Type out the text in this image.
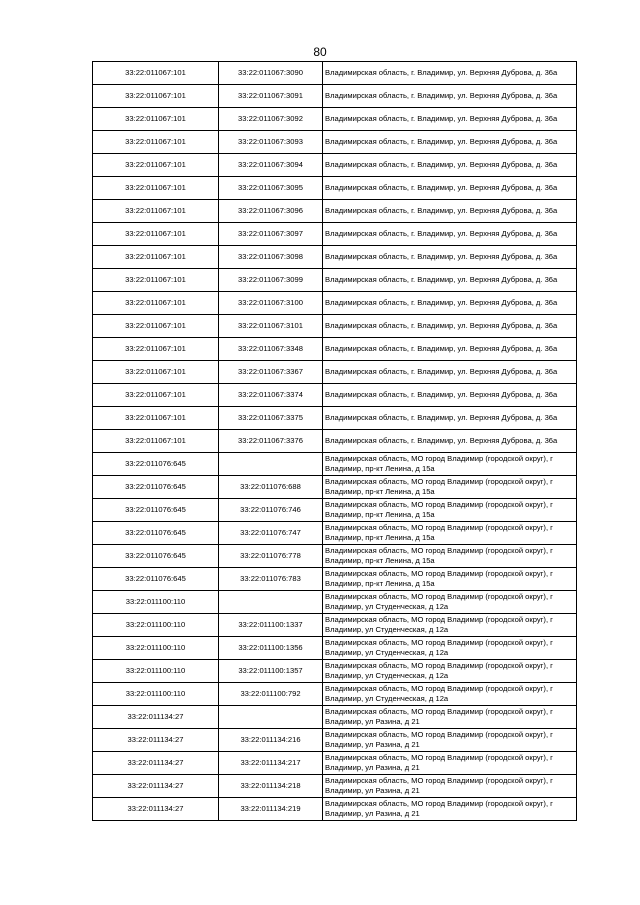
80
33:22:011067:101	33:22:011067:3090	Владимирская область, г. Владимир, ул. Верхняя Дуброва, д. 36а
33:22:011067:101	33:22:011067:3091	Владимирская область, г. Владимир, ул. Верхняя Дуброва, д. 36а
33:22:011067:101	33:22:011067:3092	Владимирская область, г. Владимир, ул. Верхняя Дуброва, д. 36а
33:22:011067:101	33:22:011067:3093	Владимирская область, г. Владимир, ул. Верхняя Дуброва, д. 36а
33:22:011067:101	33:22:011067:3094	Владимирская область, г. Владимир, ул. Верхняя Дуброва, д. 36а
33:22:011067:101	33:22:011067:3095	Владимирская область, г. Владимир, ул. Верхняя Дуброва, д. 36а
33:22:011067:101	33:22:011067:3096	Владимирская область, г. Владимир, ул. Верхняя Дуброва, д. 36а
33:22:011067:101	33:22:011067:3097	Владимирская область, г. Владимир, ул. Верхняя Дуброва, д. 36а
33:22:011067:101	33:22:011067:3098	Владимирская область, г. Владимир, ул. Верхняя Дуброва, д. 36а
33:22:011067:101	33:22:011067:3099	Владимирская область, г. Владимир, ул. Верхняя Дуброва, д. 36а
33:22:011067:101	33:22:011067:3100	Владимирская область, г. Владимир, ул. Верхняя Дуброва, д. 36а
33:22:011067:101	33:22:011067:3101	Владимирская область, г. Владимир, ул. Верхняя Дуброва, д. 36а
33:22:011067:101	33:22:011067:3348	Владимирская область, г. Владимир, ул. Верхняя Дуброва, д. 36а
33:22:011067:101	33:22:011067:3367	Владимирская область, г. Владимир, ул. Верхняя Дуброва, д. 36а
33:22:011067:101	33:22:011067:3374	Владимирская область, г. Владимир, ул. Верхняя Дуброва, д. 36а
33:22:011067:101	33:22:011067:3375	Владимирская область, г. Владимир, ул. Верхняя Дуброва, д. 36а
33:22:011067:101	33:22:011067:3376	Владимирская область, г. Владимир, ул. Верхняя Дуброва, д. 36а
33:22:011076:645		Владимирская область, МО город Владимир (городской округ), г Владимир, пр-кт Ленина, д 15а
33:22:011076:645	33:22:011076:688	Владимирская область, МО город Владимир (городской округ), г Владимир, пр-кт Ленина, д 15а
33:22:011076:645	33:22:011076:746	Владимирская область, МО город Владимир (городской округ), г Владимир, пр-кт Ленина, д 15а
33:22:011076:645	33:22:011076:747	Владимирская область, МО город Владимир (городской округ), г Владимир, пр-кт Ленина, д 15а
33:22:011076:645	33:22:011076:778	Владимирская область, МО город Владимир (городской округ), г Владимир, пр-кт Ленина, д 15а
33:22:011076:645	33:22:011076:783	Владимирская область, МО город Владимир (городской округ), г Владимир, пр-кт Ленина, д 15а
33:22:011100:110		Владимирская область, МО город Владимир (городской округ), г Владимир, ул Студенческая, д 12а
33:22:011100:110	33:22:011100:1337	Владимирская область, МО город Владимир (городской округ), г Владимир, ул Студенческая, д 12а
33:22:011100:110	33:22:011100:1356	Владимирская область, МО город Владимир (городской округ), г Владимир, ул Студенческая, д 12а
33:22:011100:110	33:22:011100:1357	Владимирская область, МО город Владимир (городской округ), г Владимир, ул Студенческая, д 12а
33:22:011100:110	33:22:011100:792	Владимирская область, МО город Владимир (городской округ), г Владимир, ул Студенческая, д 12а
33:22:011134:27		Владимирская область, МО город Владимир (городской округ), г Владимир, ул Разина, д 21
33:22:011134:27	33:22:011134:216	Владимирская область, МО город Владимир (городской округ), г Владимир, ул Разина, д 21
33:22:011134:27	33:22:011134:217	Владимирская область, МО город Владимир (городской округ), г Владимир, ул Разина, д 21
33:22:011134:27	33:22:011134:218	Владимирская область, МО город Владимир (городской округ), г Владимир, ул Разина, д 21
33:22:011134:27	33:22:011134:219	Владимирская область, МО город Владимир (городской округ), г Владимир, ул Разина, д 21
